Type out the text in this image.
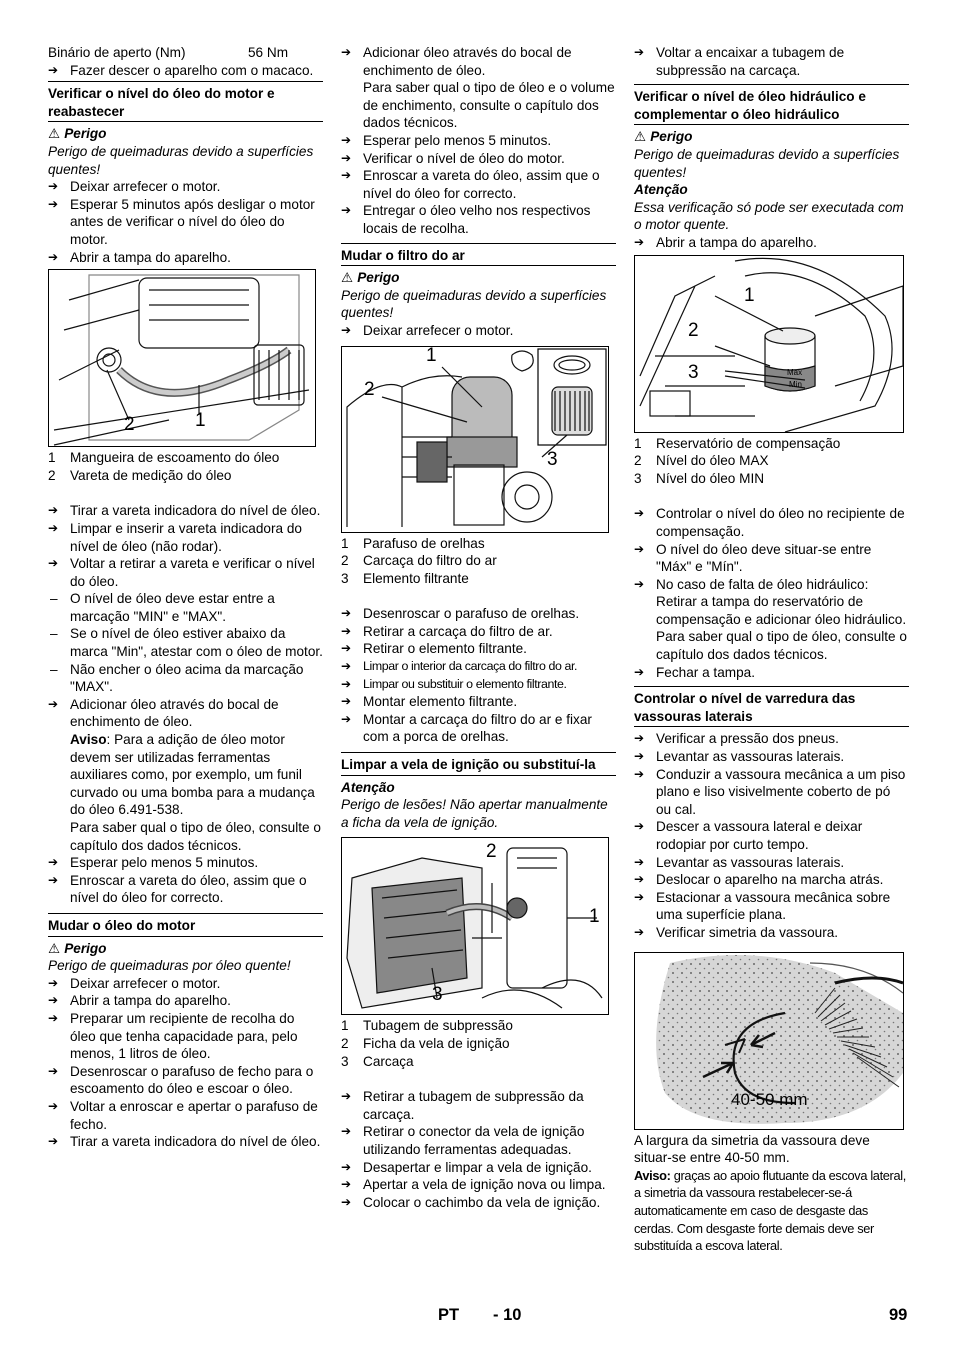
Binário de aperto (Nm)	56 Nm

➔ Fazer descer o aparelho com o macaco.

Verificar o nível do óleo do motor e reabastecer

⚠ Perigo

Perigo de queimaduras devido a superfícies quentes!

➔ Deixar arrefecer o motor.

➔ Esperar 5 minutos após desligar o motor antes de verificar o nível do óleo do motor.

➔ Abrir a tampa do aparelho.

2	1

1 Mangueira de escoamento do óleo

2 Vareta de medição do óleo

➔ Tirar a vareta indicadora do nível de óleo.

➔ Limpar e inserir a vareta indicadora do nível de óleo (não rodar).

➔ Voltar a retirar a vareta e verificar o nível do óleo.

– O nível de óleo deve estar entre a marcação "MIN" e "MAX".

– Se o nível de óleo estiver abaixo da marca "Min", atestar com o óleo de motor.

– Não encher o óleo acima da marcação "MAX".

➔ Adicionar óleo através do bocal de enchimento de óleo.

Aviso: Para a adição de óleo motor devem ser utilizadas ferramentas auxiliares como, por exemplo, um funil curvado ou uma bomba para a mudança do óleo 6.491-538.

Para saber qual o tipo de óleo, consulte o capítulo dos dados técnicos.

➔ Esperar pelo menos 5 minutos.

➔ Enroscar a vareta do óleo, assim que o nível do óleo for correcto.

Mudar o óleo do motor

⚠ Perigo

Perigo de queimaduras por óleo quente!

➔ Deixar arrefecer o motor.

➔ Abrir a tampa do aparelho.

➔ Preparar um recipiente de recolha do óleo que tenha capacidade para, pelo menos, 1 litros de óleo.

➔ Desenroscar o parafuso de fecho para o escoamento do óleo e escoar o óleo.

➔ Voltar a enroscar e apertar o parafuso de fecho.

➔ Tirar a vareta indicadora do nível de óleo.

➔ Adicionar óleo através do bocal de enchimento de óleo.

Para saber qual o tipo de óleo e o volume de enchimento, consulte o capítulo dos dados técnicos.

➔ Esperar pelo menos 5 minutos.

➔ Verificar o nível de óleo do motor.

➔ Enroscar a vareta do óleo, assim que o nível do óleo for correcto.

➔ Entregar o óleo velho nos respectivos locais de recolha.

Mudar o filtro do ar

⚠ Perigo

Perigo de queimaduras devido a superfícies quentes!

➔ Deixar arrefecer o motor.

1
2
3

1 Parafuso de orelhas

2 Carcaça do filtro do ar

3 Elemento filtrante

➔ Desenroscar o parafuso de orelhas.

➔ Retirar a carcaça do filtro de ar.

➔ Retirar o elemento filtrante.

➔ Limpar o interior da carcaça do filtro do ar.

➔ Limpar ou substituir o elemento filtrante.

➔ Montar elemento filtrante.

➔ Montar a carcaça do filtro do ar e fixar com a porca de orelhas.

Limpar a vela de ignição ou substituí-la

Atenção

Perigo de lesões! Não apertar manualmente a ficha da vela de ignição.

2
1
3

1 Tubagem de subpressão

2 Ficha da vela de ignição

3 Carcaça

➔ Retirar a tubagem de subpressão da carcaça.

➔ Retirar o conector da vela de ignição utilizando ferramentas adequadas.

➔ Desapertar e limpar a vela de ignição.

➔ Apertar a vela de ignição nova ou limpa.

➔ Colocar o cachimbo da vela de ignição.

➔ Voltar a encaixar a tubagem de subpressão na carcaça.

Verificar o nível de óleo hidráulico e complementar o óleo hidráulico

⚠ Perigo

Perigo de queimaduras devido a superfícies quentes!

Atenção

Essa verificação só pode ser executada com o motor quente.

➔ Abrir a tampa do aparelho.

1
2
3	Max
Min

1 Reservatório de compensação

2 Nível do óleo MAX

3 Nível do óleo MIN

➔ Controlar o nível do óleo no recipiente de compensação.

➔ O nível do óleo deve situar-se entre "Máx" e "Mín".

➔ No caso de falta de óleo hidráulico:

Retirar a tampa do reservatório de compensação e adicionar óleo hidráulico.

Para saber qual o tipo de óleo, consulte o capítulo dos dados técnicos.

➔ Fechar a tampa.

Controlar o nível de varredura das vassouras laterais

➔ Verificar a pressão dos pneus.

➔ Levantar as vassouras laterais.

➔ Conduzir a vassoura mecânica a um piso plano e liso visivelmente coberto de pó ou cal.

➔ Descer a vassoura lateral e deixar rodopiar por curto tempo.

➔ Levantar as vassouras laterais.

➔ Deslocar o aparelho na marcha atrás.

➔ Estacionar a vassoura mecânica sobre uma superfície plana.

➔ Verificar simetria da vassoura.

40-50 mm

A largura da simetria da vassoura deve situar-se entre 40-50 mm.

Aviso: graças ao apoio flutuante da escova lateral, a simetria da vassoura restabelecer-se-á automaticamente em caso de desgaste das cerdas. Com desgaste forte demais deve ser substituída a escova lateral.

PT - 10	99
